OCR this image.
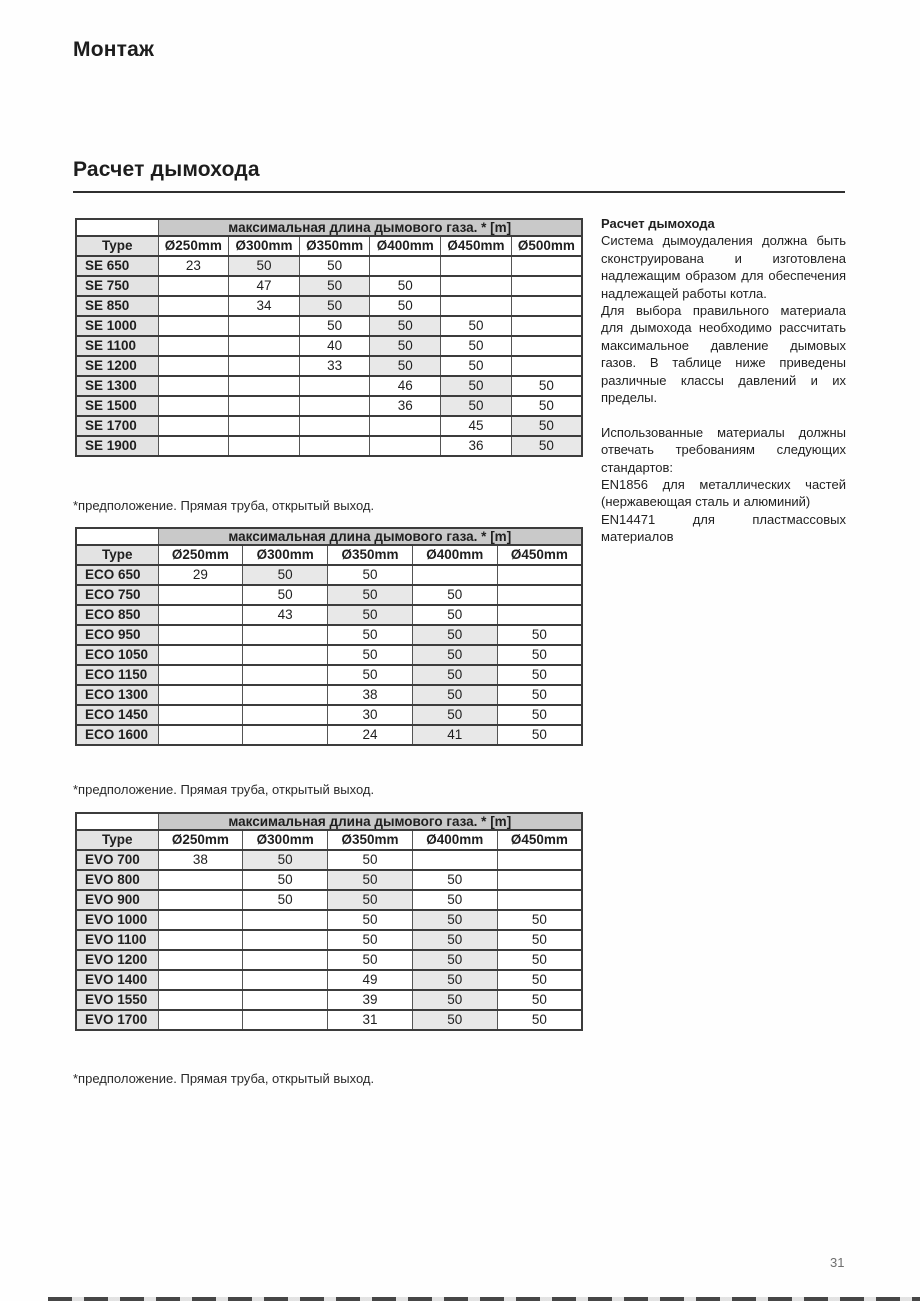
Монтаж
Расчет дымохода
	максимальная длина дымового газа. * [m]					
Type	Ø250mm	Ø300mm	Ø350mm	Ø400mm	Ø450mm	Ø500mm
SE 650	23	50	50			
SE 750		47	50	50		
SE 850		34	50	50		
SE 1000			50	50	50	
SE 1100			40	50	50	
SE 1200			33	50	50	
SE 1300				46	50	50
SE 1500				36	50	50
SE 1700					45	50
SE 1900					36	50
*предположение. Прямая труба, открытый выход.
	максимальная длина дымового газа. * [m]				
Type	Ø250mm	Ø300mm	Ø350mm	Ø400mm	Ø450mm
ECO 650	29	50	50		
ECO 750		50	50	50	
ECO 850		43	50	50	
ECO 950			50	50	50
ECO 1050			50	50	50
ECO 1150			50	50	50
ECO 1300			38	50	50
ECO 1450			30	50	50
ECO 1600			24	41	50
*предположение. Прямая труба, открытый выход.
	максимальная длина дымового газа. * [m]				
Type	Ø250mm	Ø300mm	Ø350mm	Ø400mm	Ø450mm
EVO 700	38	50	50		
EVO 800		50	50	50	
EVO 900		50	50	50	
EVO 1000			50	50	50
EVO 1100			50	50	50
EVO 1200			50	50	50
EVO 1400			49	50	50
EVO 1550			39	50	50
EVO 1700			31	50	50
*предположение. Прямая труба, открытый выход.
Расчет дымохода

Система дымоудаления должна быть сконструирована и изготовлена надлежащим образом для обеспечения надлежащей работы котла.

Для выбора правильного материала для дымохода необходимо рассчитать максимальное давление дымовых газов. В таблице ниже приведены различные классы давлений и их пределы.

Использованные материалы должны отвечать требованиям следующих стандартов:

EN1856 для металлических частей (нержавеющая сталь и алюминий)

EN14471 для пластмассовых материалов

31
